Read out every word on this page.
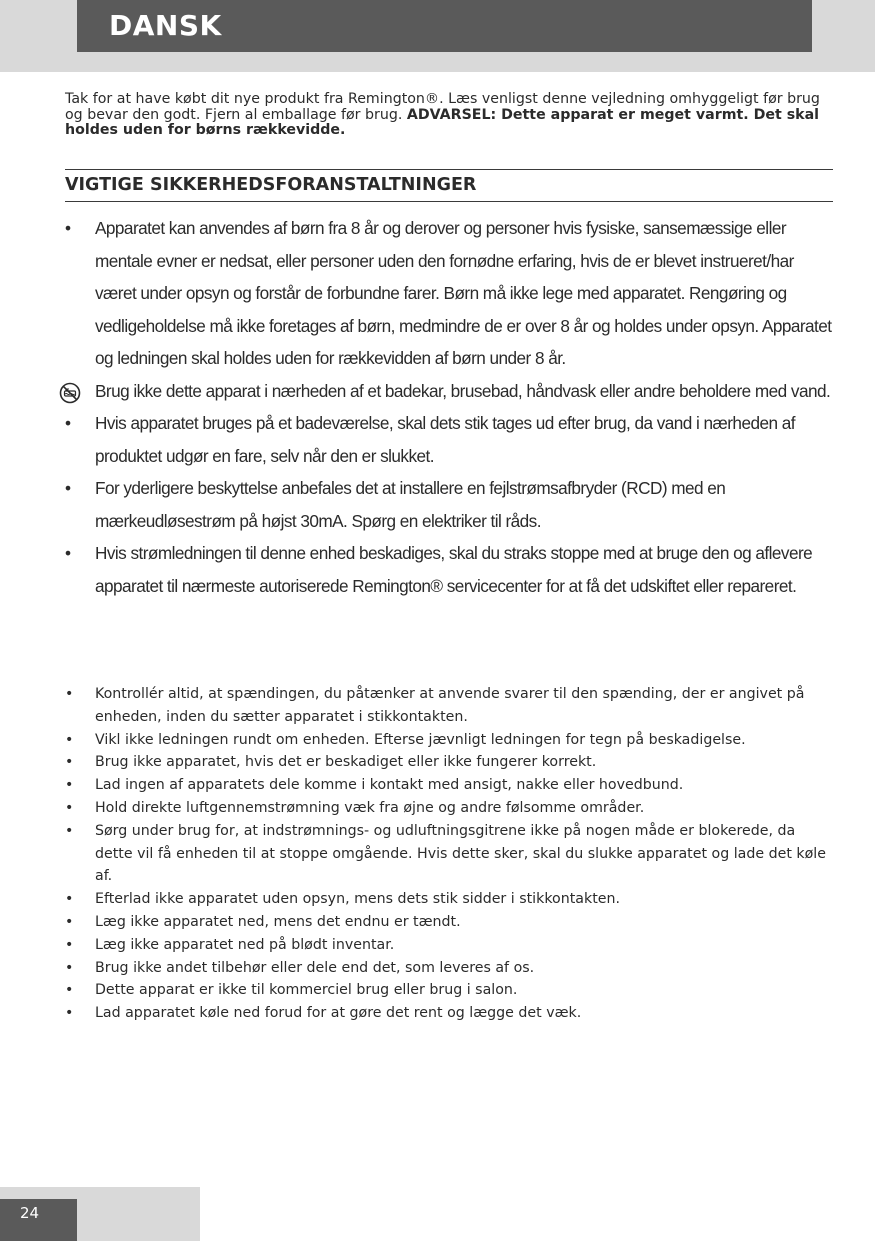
DANSK
Tak for at have købt dit nye produkt fra Remington®. Læs venligst denne vejledning omhyggeligt før brug og bevar den godt. Fjern al emballage før brug. ADVARSEL: Dette apparat er meget varmt. Det skal holdes uden for børns rækkevidde.
VIGTIGE SIKKERHEDSFORANSTALTNINGER
•	Apparatet kan anvendes af børn fra 8 år og derover og personer hvis fysiske, sansemæssige eller mentale evner er nedsat, eller personer uden den fornødne erfaring, hvis de er blevet instrueret/har været under opsyn og forstår de forbundne farer. Børn må ikke lege med apparatet. Rengøring og vedligeholdelse må ikke foretages af børn, medmindre de er over 8 år og holdes under opsyn. Apparatet og ledningen skal holdes uden for rækkevidden af børn under 8 år.
Brug ikke dette apparat i nærheden af et badekar, brusebad, håndvask eller andre beholdere med vand.
•	Hvis apparatet bruges på et badeværelse, skal dets stik tages ud efter brug, da vand i nærheden af produktet udgør en fare, selv når den er slukket.
•	For yderligere beskyttelse anbefales det at installere en fejlstrømsafbryder (RCD) med en mærkeudløsestrøm på højst 30mA. Spørg en elektriker til råds.
•	Hvis strømledningen til denne enhed beskadiges, skal du straks stoppe med at bruge den og aflevere apparatet til nærmeste autoriserede Remington® servicecenter for at få det udskiftet eller repareret.
• Kontrollér altid, at spændingen, du påtænker at anvende svarer til den spænding, der er angivet på enheden, inden du sætter apparatet i stikkontakten.
• Vikl ikke ledningen rundt om enheden. Efterse jævnligt ledningen for tegn på beskadigelse.
• Brug ikke apparatet, hvis det er beskadiget eller ikke fungerer korrekt.
• Lad ingen af apparatets dele komme i kontakt med ansigt, nakke eller hovedbund.
• Hold direkte luftgennemstrømning væk fra øjne og andre følsomme områder.
• Sørg under brug for, at indstrømnings- og udluftningsgitrene ikke på nogen måde er blokerede, da dette vil få enheden til at stoppe omgående. Hvis dette sker, skal du slukke apparatet og lade det køle af.
• Efterlad ikke apparatet uden opsyn, mens dets stik sidder i stikkontakten.
• Læg ikke apparatet ned, mens det endnu er tændt.
• Læg ikke apparatet ned på blødt inventar.
• Brug ikke andet tilbehør eller dele end det, som leveres af os.
• Dette apparat er ikke til kommerciel brug eller brug i salon.
• Lad apparatet køle ned forud for at gøre det rent og lægge det væk.
24
